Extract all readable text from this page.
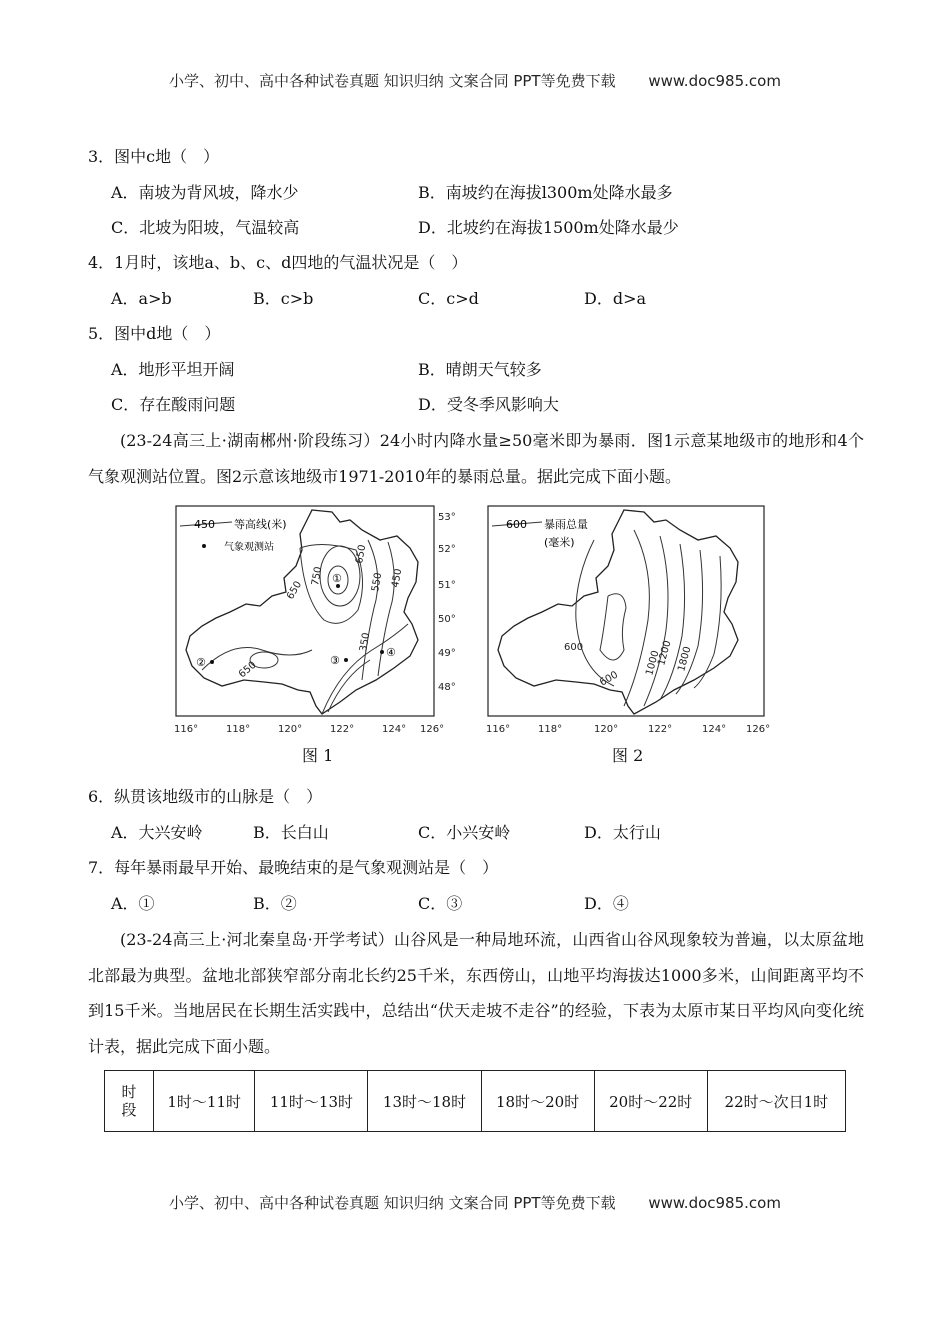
小学、初中、高中各种试卷真题 知识归纳 文案合同 PPT等免费下载 www.doc985.com
3．图中c地（　）
A．南坡为背风坡，降水少	B．南坡约在海拔l300m处降水最多
C．北坡为阳坡，气温较高	D．北坡约在海拔1500m处降水最少
4．1月时，该地a、b、c、d四地的气温状况是（　）
A．a>b	B．c>b	C．c>d	D．d>a
5．图中d地（　）
A．地形平坦开阔	B．晴朗天气较多
C．存在酸雨问题	D．受冬季风影响大
(23-24高三上·湖南郴州·阶段练习）24小时内降水量≥50毫米即为暴雨．图1示意某地级市的地形和4个气象观测站位置。图2示意该地级市1971-2010年的暴雨总量。据此完成下面小题。
450 等高线(米)
气象观测站
750
650
650
550 450
350
650
①
②	③
④
53°
52°
51°
50°
49°
48°
116°	118°	120°	122°	124° 126°
图 1
600 暴雨总量
(毫米)
600
600
1000
1200 1800
116°	118°	120°	122°	124° 126°
图 2
6．纵贯该地级市的山脉是（　）
A．大兴安岭	B．长白山	C．小兴安岭	D．太行山
7．每年暴雨最早开始、最晚结束的是气象观测站是（　）
A．①	B．②	C．③	D．④
(23-24高三上·河北秦皇岛·开学考试）山谷风是一种局地环流，山西省山谷风现象较为普遍，以太原盆地北部最为典型。盆地北部狭窄部分南北长约25千米，东西傍山，山地平均海拔达1000多米，山间距离平均不到15千米。当地居民在长期生活实践中，总结出“伏天走坡不走谷”的经验，下表为太原市某日平均风向变化统计表，据此完成下面小题。
时段	1时～11时	11时～13时	13时～18时	18时～20时	20时～22时	22时～次日1时
小学、初中、高中各种试卷真题 知识归纳 文案合同 PPT等免费下载 www.doc985.com
